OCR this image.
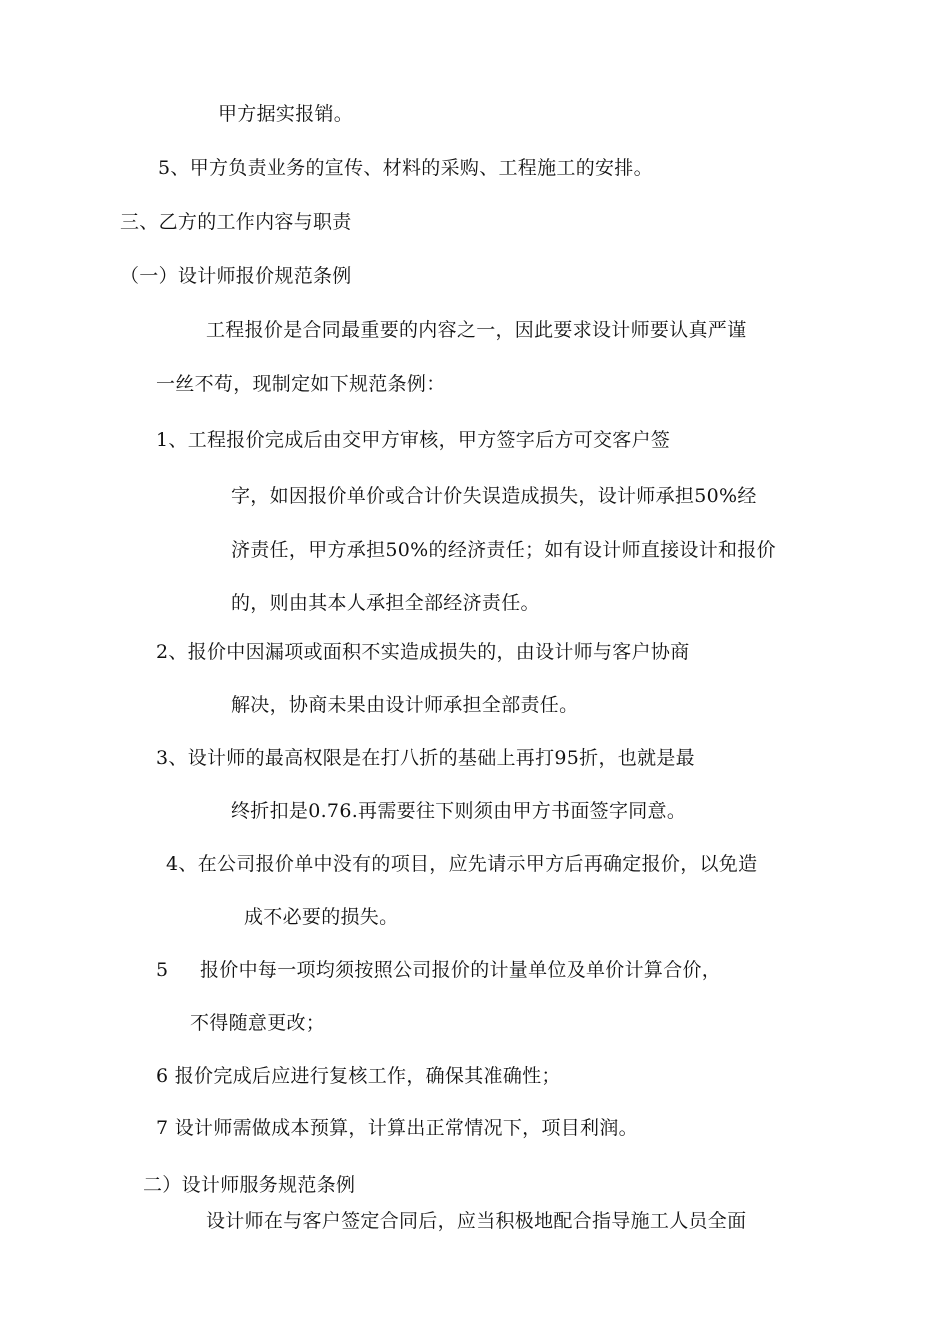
甲方据实报销。
5、甲方负责业务的宣传、材料的采购、工程施工的安排。
三、乙方的工作内容与职责
（一）设计师报价规范条例
工程报价是合同最重要的内容之一，因此要求设计师要认真严谨
一丝不苟，现制定如下规范条例：
1、工程报价完成后由交甲方审核，甲方签字后方可交客户签
字，如因报价单价或合计价失误造成损失，设计师承担50%经
济责任，甲方承担50%的经济责任；如有设计师直接设计和报价
的，则由其本人承担全部经济责任。
2、报价中因漏项或面积不实造成损失的，由设计师与客户协商
解决，协商未果由设计师承担全部责任。
3、设计师的最高权限是在打八折的基础上再打95折，也就是最
终折扣是0.76.再需要往下则须由甲方书面签字同意。
4、在公司报价单中没有的项目，应先请示甲方后再确定报价，以免造
成不必要的损失。
5 报价中每一项均须按照公司报价的计量单位及单价计算合价，
不得随意更改；
6 报价完成后应进行复核工作，确保其准确性；
7 设计师需做成本预算，计算出正常情况下，项目利润。
二）设计师服务规范条例
设计师在与客户签定合同后，应当积极地配合指导施工人员全面
